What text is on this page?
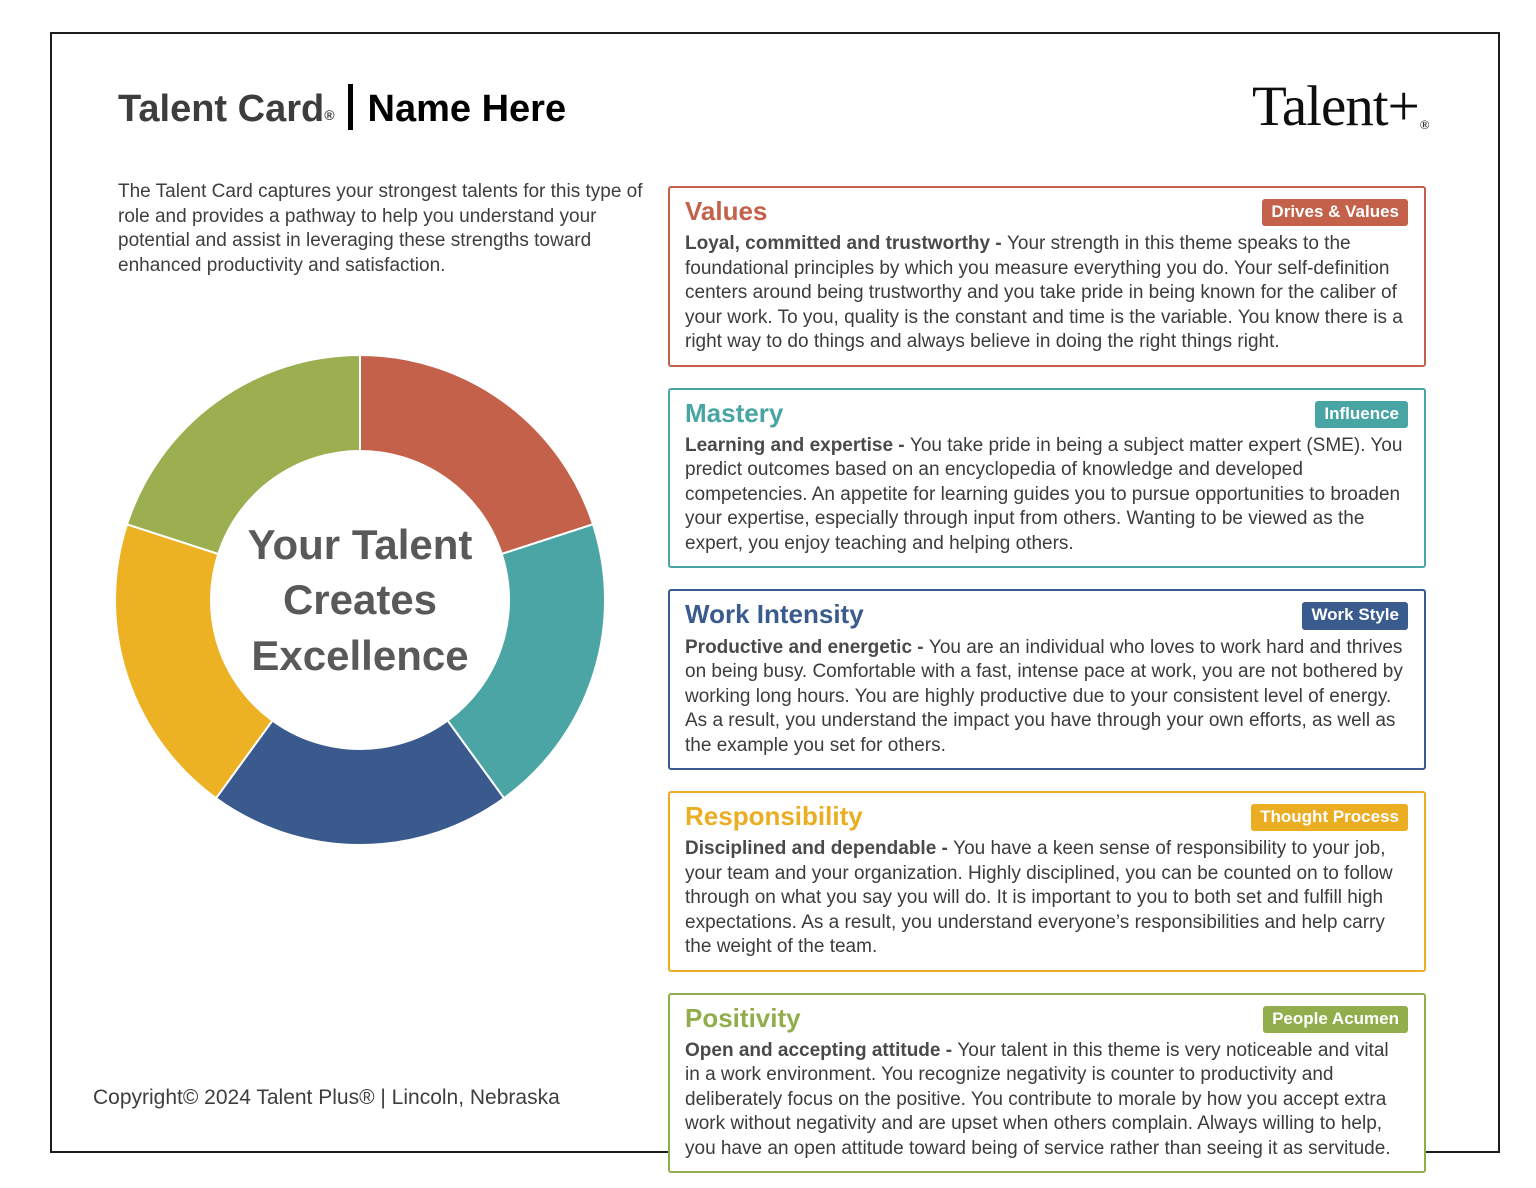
Talent Card® Name Here	Talent+®

The Talent Card captures your strongest talents for this type of role and provides a pathway to help you understand your potential and assist in leveraging these strengths toward enhanced productivity and satisfaction.

Your Talent
Creates
Excellence
Copyright© 2024 Talent Plus® | Lincoln, Nebraska
Values	Drives & Values

Loyal, committed and trustworthy - Your strength in this theme speaks to the foundational principles by which you measure everything you do. Your self-definition centers around being trustworthy and you take pride in being known for the caliber of your work. To you, quality is the constant and time is the variable. You know there is a right way to do things and always believe in doing the right things right.

Mastery	Influence

Learning and expertise - You take pride in being a subject matter expert (SME). You predict outcomes based on an encyclopedia of knowledge and developed competencies. An appetite for learning guides you to pursue opportunities to broaden your expertise, especially through input from others. Wanting to be viewed as the expert, you enjoy teaching and helping others.

Work Intensity	Work Style

Productive and energetic - You are an individual who loves to work hard and thrives on being busy. Comfortable with a fast, intense pace at work, you are not bothered by working long hours. You are highly productive due to your consistent level of energy. As a result, you understand the impact you have through your own efforts, as well as the example you set for others.

Responsibility	Thought Process

Disciplined and dependable - You have a keen sense of responsibility to your job, your team and your organization. Highly disciplined, you can be counted on to follow through on what you say you will do. It is important to you to both set and fulfill high expectations. As a result, you understand everyone’s responsibilities and help carry the weight of the team.

Positivity	People Acumen

Open and accepting attitude - Your talent in this theme is very noticeable and vital in a work environment. You recognize negativity is counter to productivity and deliberately focus on the positive. You contribute to morale by how you accept extra work without negativity and are upset when others complain. Always willing to help, you have an open attitude toward being of service rather than seeing it as servitude.
